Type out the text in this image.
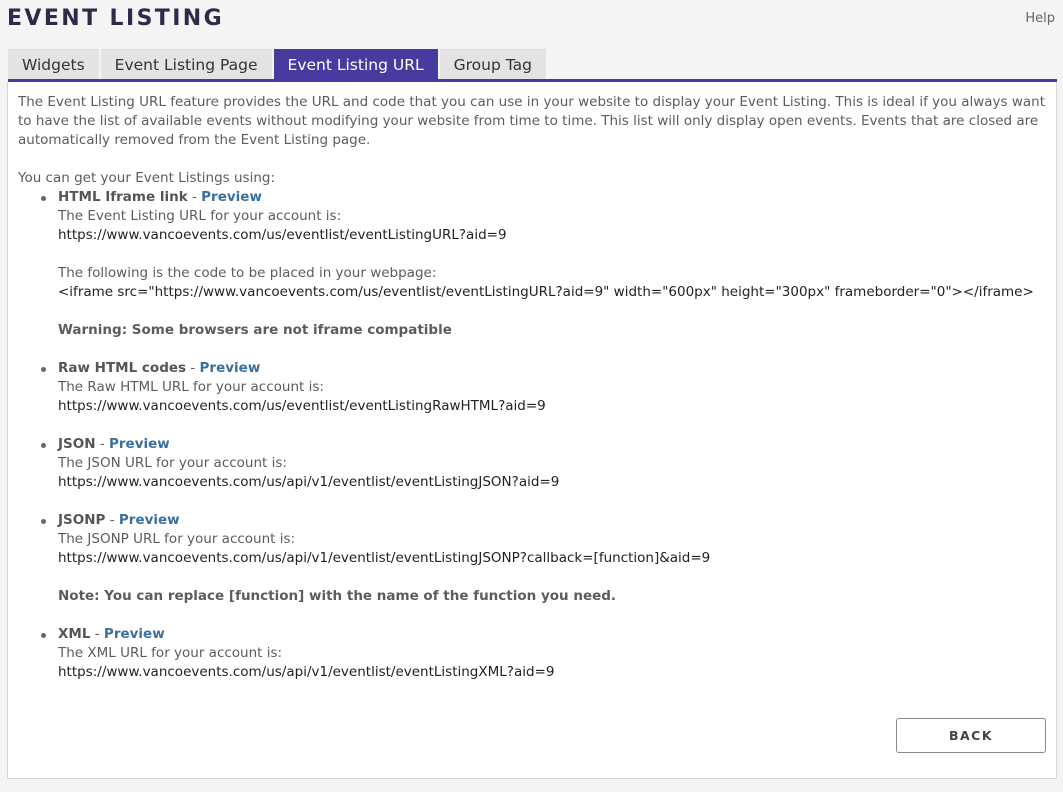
EVENT LISTING	Help
Widgets	Event Listing Page	Event Listing URL	Group Tag

The Event Listing URL feature provides the URL and code that you can use in your website to display your Event Listing. This is ideal if you always want to have the list of available events without modifying your website from time to time. This list will only display open events. Events that are closed are automatically removed from the Event Listing page.

You can get your Event Listings using:

HTML Iframe link - Preview
The Event Listing URL for your account is:
https://www.vancoevents.com/us/eventlist/eventListingURL?aid=9
The following is the code to be placed in your webpage:
<iframe src="https://www.vancoevents.com/us/eventlist/eventListingURL?aid=9" width="600px" height="300px" frameborder="0"></iframe>
Warning: Some browsers are not iframe compatible
Raw HTML codes - Preview
The Raw HTML URL for your account is:
https://www.vancoevents.com/us/eventlist/eventListingRawHTML?aid=9
JSON - Preview
The JSON URL for your account is:
https://www.vancoevents.com/us/api/v1/eventlist/eventListingJSON?aid=9
JSONP - Preview
The JSONP URL for your account is:
https://www.vancoevents.com/us/api/v1/eventlist/eventListingJSONP?callback=[function]&aid=9
Note: You can replace [function] with the name of the function you need.
XML - Preview
The XML URL for your account is:
https://www.vancoevents.com/us/api/v1/eventlist/eventListingXML?aid=9
BACK
